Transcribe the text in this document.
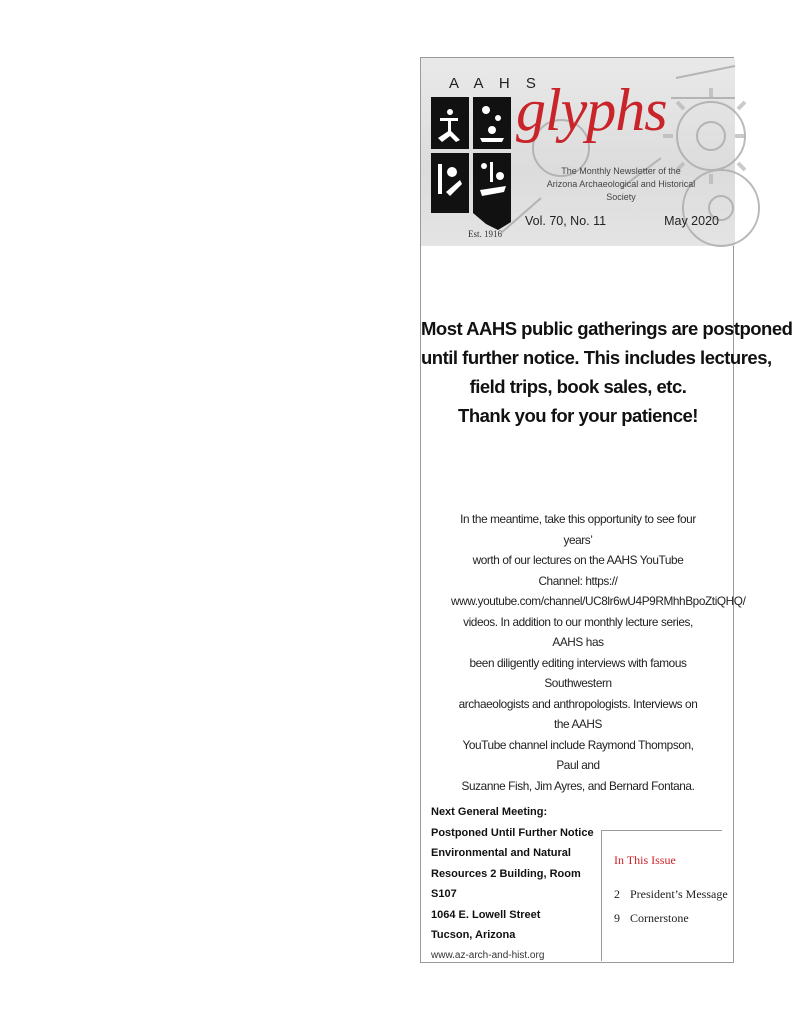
A A H S
glyphs
The Monthly Newsletter of the
Arizona Archaeological and Historical Society
Vol. 70, No. 11	May 2020
Est. 1916
Most AAHS public gatherings are postponed
until further notice. This includes lectures,
field trips, book sales, etc.
Thank you for your patience!
In the meantime, take this opportunity to see four years’
worth of our lectures on the AAHS YouTube Channel: https://
www.youtube.com/channel/UC8lr6wU4P9RMhhBpoZtiQHQ/
videos. In addition to our monthly lecture series, AAHS has
been diligently editing interviews with famous Southwestern
archaeologists and anthropologists. Interviews on the AAHS
YouTube channel include Raymond Thompson, Paul and
Suzanne Fish, Jim Ayres, and Bernard Fontana.
Next General Meeting:
Postponed Until Further Notice
Environmental and Natural
Resources 2 Building, Room S107
1064 E. Lowell Street
Tucson, Arizona
www.az-arch-and-hist.org
In This Issue
2 President’s Message
9 Cornerstone
